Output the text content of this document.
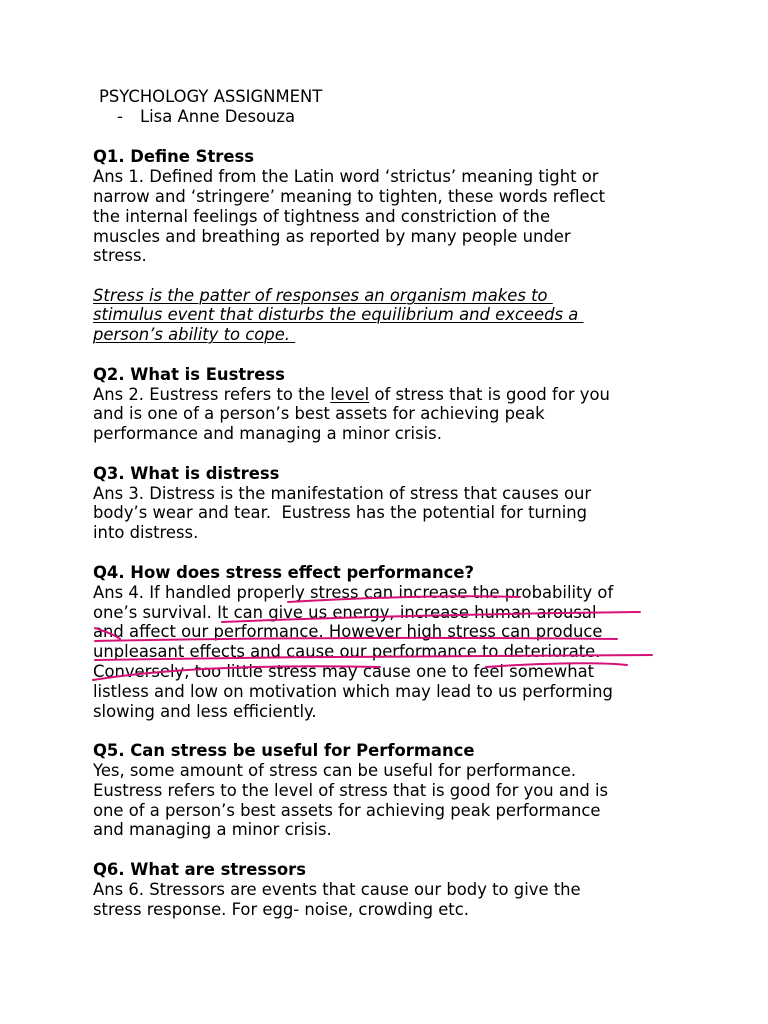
PSYCHOLOGY ASSIGNMENT

- Lisa Anne Desouza

Q1. Define Stress

Ans 1. Defined from the Latin word ‘strictus’ meaning tight or

narrow and ‘stringere’ meaning to tighten, these words reflect

the internal feelings of tightness and constriction of the

muscles and breathing as reported by many people under

stress.

Stress is the patter of responses an organism makes to

stimulus event that disturbs the equilibrium and exceeds a

person’s ability to cope.

Q2. What is Eustress

Ans 2. Eustress refers to the level of stress that is good for you

and is one of a person’s best assets for achieving peak

performance and managing a minor crisis.

Q3. What is distress

Ans 3. Distress is the manifestation of stress that causes our

body’s wear and tear.  Eustress has the potential for turning

into distress.

Q4. How does stress effect performance?

Ans 4. If handled properly stress can increase the probability of

one’s survival. It can give us energy, increase human arousal

and affect our performance. However high stress can produce

unpleasant effects and cause our performance to deteriorate.

Conversely, too little stress may cause one to feel somewhat

listless and low on motivation which may lead to us performing

slowing and less efficiently.

Q5. Can stress be useful for Performance

Yes, some amount of stress can be useful for performance.

Eustress refers to the level of stress that is good for you and is

one of a person’s best assets for achieving peak performance

and managing a minor crisis.

Q6. What are stressors

Ans 6. Stressors are events that cause our body to give the

stress response. For egg- noise, crowding etc.
